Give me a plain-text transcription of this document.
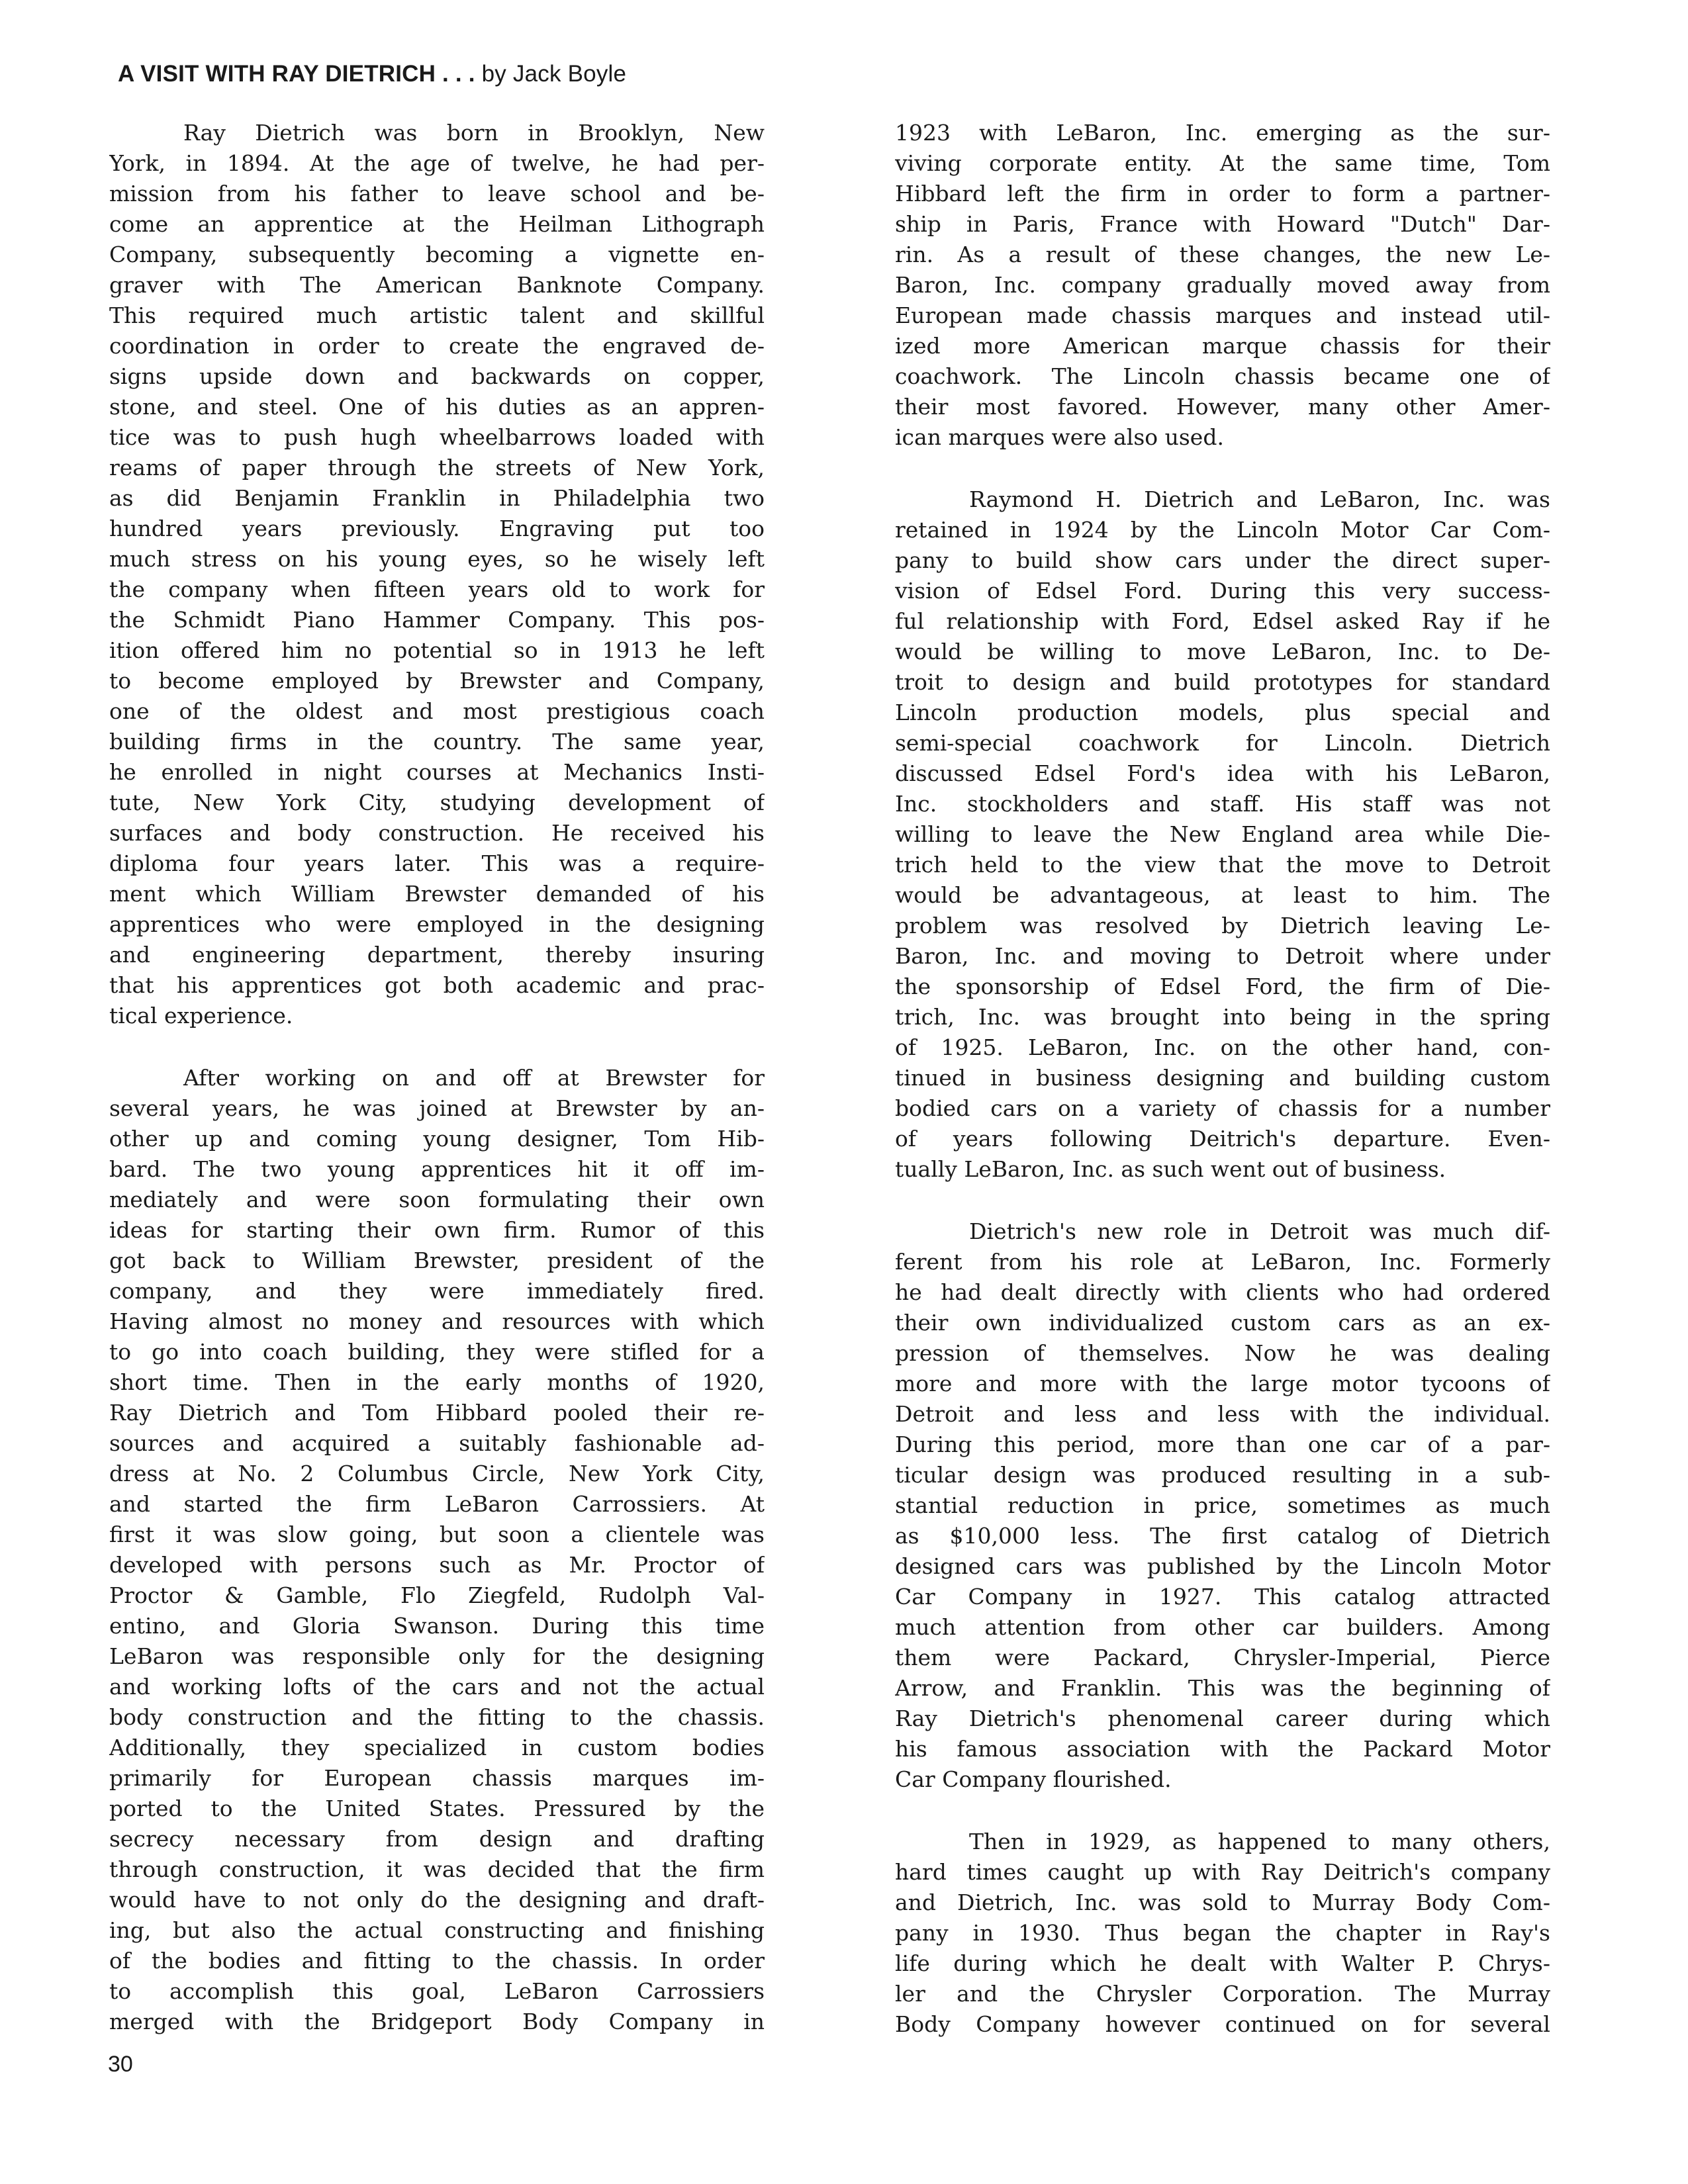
A VISIT WITH RAY DIETRICH . . . by Jack Boyle
Ray Dietrich was born in Brooklyn, New
York, in 1894. At the age of twelve, he had per-
mission from his father to leave school and be-
come an apprentice at the Heilman Lithograph
Company, subsequently becoming a vignette en-
graver with The American Banknote Company.
This required much artistic talent and skillful
coordination in order to create the engraved de-
signs upside down and backwards on copper,
stone, and steel. One of his duties as an appren-
tice was to push hugh wheelbarrows loaded with
reams of paper through the streets of New York,
as did Benjamin Franklin in Philadelphia two
hundred years previously. Engraving put too
much stress on his young eyes, so he wisely left
the company when fifteen years old to work for
the Schmidt Piano Hammer Company. This pos-
ition offered him no potential so in 1913 he left
to become employed by Brewster and Company,
one of the oldest and most prestigious coach
building firms in the country. The same year,
he enrolled in night courses at Mechanics Insti-
tute, New York City, studying development of
surfaces and body construction. He received his
diploma four years later. This was a require-
ment which William Brewster demanded of his
apprentices who were employed in the designing
and engineering department, thereby insuring
that his apprentices got both academic and prac-
tical experience.
After working on and off at Brewster for
several years, he was joined at Brewster by an-
other up and coming young designer, Tom Hib-
bard. The two young apprentices hit it off im-
mediately and were soon formulating their own
ideas for starting their own firm. Rumor of this
got back to William Brewster, president of the
company, and they were immediately fired.
Having almost no money and resources with which
to go into coach building, they were stifled for a
short time. Then in the early months of 1920,
Ray Dietrich and Tom Hibbard pooled their re-
sources and acquired a suitably fashionable ad-
dress at No. 2 Columbus Circle, New York City,
and started the firm LeBaron Carrossiers. At
first it was slow going, but soon a clientele was
developed with persons such as Mr. Proctor of
Proctor & Gamble, Flo Ziegfeld, Rudolph Val-
entino, and Gloria Swanson. During this time
LeBaron was responsible only for the designing
and working lofts of the cars and not the actual
body construction and the fitting to the chassis.
Additionally, they specialized in custom bodies
primarily for European chassis marques im-
ported to the United States. Pressured by the
secrecy necessary from design and drafting
through construction, it was decided that the firm
would have to not only do the designing and draft-
ing, but also the actual constructing and finishing
of the bodies and fitting to the chassis. In order
to accomplish this goal, LeBaron Carrossiers
merged with the Bridgeport Body Company in
1923 with LeBaron, Inc. emerging as the sur-
viving corporate entity. At the same time, Tom
Hibbard left the firm in order to form a partner-
ship in Paris, France with Howard "Dutch" Dar-
rin. As a result of these changes, the new Le-
Baron, Inc. company gradually moved away from
European made chassis marques and instead util-
ized more American marque chassis for their
coachwork. The Lincoln chassis became one of
their most favored. However, many other Amer-
ican marques were also used.
Raymond H. Dietrich and LeBaron, Inc. was
retained in 1924 by the Lincoln Motor Car Com-
pany to build show cars under the direct super-
vision of Edsel Ford. During this very success-
ful relationship with Ford, Edsel asked Ray if he
would be willing to move LeBaron, Inc. to De-
troit to design and build prototypes for standard
Lincoln production models, plus special and
semi-special coachwork for Lincoln. Dietrich
discussed Edsel Ford's idea with his LeBaron,
Inc. stockholders and staff. His staff was not
willing to leave the New England area while Die-
trich held to the view that the move to Detroit
would be advantageous, at least to him. The
problem was resolved by Dietrich leaving Le-
Baron, Inc. and moving to Detroit where under
the sponsorship of Edsel Ford, the firm of Die-
trich, Inc. was brought into being in the spring
of 1925. LeBaron, Inc. on the other hand, con-
tinued in business designing and building custom
bodied cars on a variety of chassis for a number
of years following Deitrich's departure. Even-
tually LeBaron, Inc. as such went out of business.
Dietrich's new role in Detroit was much dif-
ferent from his role at LeBaron, Inc. Formerly
he had dealt directly with clients who had ordered
their own individualized custom cars as an ex-
pression of themselves. Now he was dealing
more and more with the large motor tycoons of
Detroit and less and less with the individual.
During this period, more than one car of a par-
ticular design was produced resulting in a sub-
stantial reduction in price, sometimes as much
as $10,000 less. The first catalog of Dietrich
designed cars was published by the Lincoln Motor
Car Company in 1927. This catalog attracted
much attention from other car builders. Among
them were Packard, Chrysler-Imperial, Pierce
Arrow, and Franklin. This was the beginning of
Ray Dietrich's phenomenal career during which
his famous association with the Packard Motor
Car Company flourished.
Then in 1929, as happened to many others,
hard times caught up with Ray Deitrich's company
and Dietrich, Inc. was sold to Murray Body Com-
pany in 1930. Thus began the chapter in Ray's
life during which he dealt with Walter P. Chrys-
ler and the Chrysler Corporation. The Murray
Body Company however continued on for several
30
